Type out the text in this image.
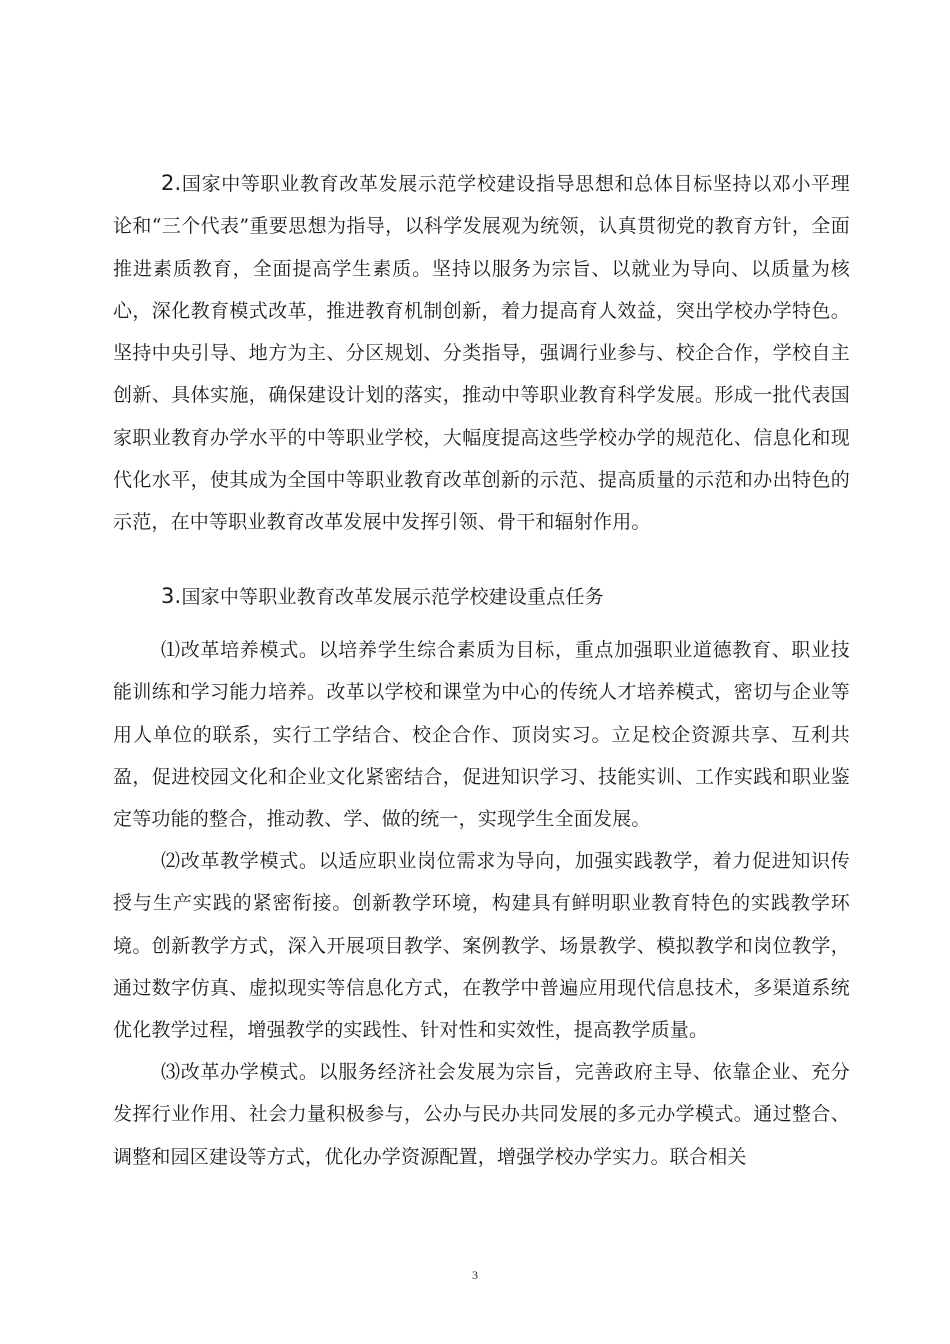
2.国家中等职业教育改革发展示范学校建设指导思想和总体目标坚持以邓小平理论和“三个代表”重要思想为指导，以科学发展观为统领，认真贯彻党的教育方针，全面推进素质教育，全面提高学生素质。坚持以服务为宗旨、以就业为导向、以质量为核心，深化教育模式改革，推进教育机制创新，着力提高育人效益，突出学校办学特色。坚持中央引导、地方为主、分区规划、分类指导，强调行业参与、校企合作，学校自主创新、具体实施，确保建设计划的落实，推动中等职业教育科学发展。形成一批代表国家职业教育办学水平的中等职业学校，大幅度提高这些学校办学的规范化、信息化和现代化水平，使其成为全国中等职业教育改革创新的示范、提高质量的示范和办出特色的示范，在中等职业教育改革发展中发挥引领、骨干和辐射作用。

3.国家中等职业教育改革发展示范学校建设重点任务

⑴改革培养模式。以培养学生综合素质为目标，重点加强职业道德教育、职业技能训练和学习能力培养。改革以学校和课堂为中心的传统人才培养模式，密切与企业等用人单位的联系，实行工学结合、校企合作、顶岗实习。立足校企资源共享、互利共盈，促进校园文化和企业文化紧密结合，促进知识学习、技能实训、工作实践和职业鉴定等功能的整合，推动教、学、做的统一，实现学生全面发展。

⑵改革教学模式。以适应职业岗位需求为导向，加强实践教学，着力促进知识传授与生产实践的紧密衔接。创新教学环境，构建具有鲜明职业教育特色的实践教学环境。创新教学方式，深入开展项目教学、案例教学、场景教学、模拟教学和岗位教学，通过数字仿真、虚拟现实等信息化方式，在教学中普遍应用现代信息技术，多渠道系统优化教学过程，增强教学的实践性、针对性和实效性，提高教学质量。

⑶改革办学模式。以服务经济社会发展为宗旨，完善政府主导、依靠企业、充分发挥行业作用、社会力量积极参与，公办与民办共同发展的多元办学模式。通过整合、调整和园区建设等方式，优化办学资源配置，增强学校办学实力。联合相关

3
